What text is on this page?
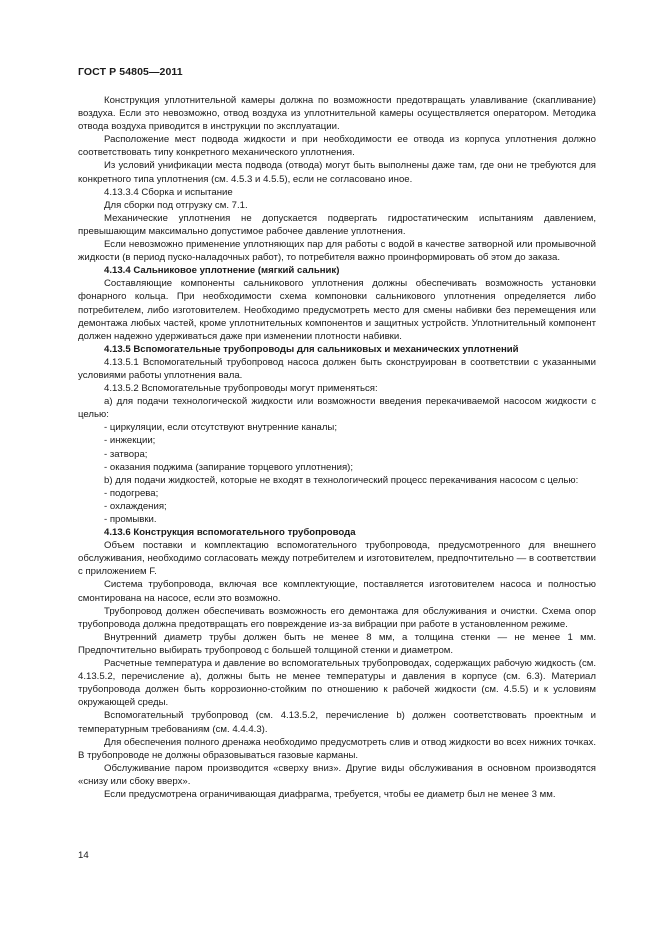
ГОСТ Р 54805—2011

Конструкция уплотнительной камеры должна по возможности предотвращать улавливание (скапливание) воздуха. Если это невозможно, отвод воздуха из уплотнительной камеры осуществляется оператором. Методика отвода воздуха приводится в инструкции по эксплуатации.

Расположение мест подвода жидкости и при необходимости ее отвода из корпуса уплотнения должно соответствовать типу конкретного механического уплотнения.

Из условий унификации места подвода (отвода) могут быть выполнены даже там, где они не требуются для конкретного типа уплотнения (см. 4.5.3 и 4.5.5), если не согласовано иное.

4.13.3.4 Сборка и испытание

Для сборки под отгрузку см. 7.1.

Механические уплотнения не допускается подвергать гидростатическим испытаниям давлением, превышающим максимально допустимое рабочее давление уплотнения.

Если невозможно применение уплотняющих пар для работы с водой в качестве затворной или промывочной жидкости (в период пуско-наладочных работ), то потребителя важно проинформировать об этом до заказа.

4.13.4 Сальниковое уплотнение (мягкий сальник)

Составляющие компоненты сальникового уплотнения должны обеспечивать возможность установки фонарного кольца. При необходимости схема компоновки сальникового уплотнения определяется либо потребителем, либо изготовителем. Необходимо предусмотреть место для смены набивки без перемещения или демонтажа любых частей, кроме уплотнительных компонентов и защитных устройств. Уплотнительный компонент должен надежно удерживаться даже при изменении плотности набивки.

4.13.5 Вспомогательные трубопроводы для сальниковых и механических уплотнений

4.13.5.1 Вспомогательный трубопровод насоса должен быть сконструирован в соответствии с указанными условиями работы уплотнения вала.

4.13.5.2 Вспомогательные трубопроводы могут применяться:

a) для подачи технологической жидкости или возможности введения перекачиваемой насосом жидкости с целью:

- циркуляции, если отсутствуют внутренние каналы;

- инжекции;

- затвора;

- оказания поджима (запирание торцевого уплотнения);

b) для подачи жидкостей, которые не входят в технологический процесс перекачивания насосом с целью:

- подогрева;

- охлаждения;

- промывки.

4.13.6 Конструкция вспомогательного трубопровода

Объем поставки и комплектацию вспомогательного трубопровода, предусмотренного для внешнего обслуживания, необходимо согласовать между потребителем и изготовителем, предпочтительно — в соответствии с приложением F.

Система трубопровода, включая все комплектующие, поставляется изготовителем насоса и полностью смонтирована на насосе, если это возможно.

Трубопровод должен обеспечивать возможность его демонтажа для обслуживания и очистки. Схема опор трубопровода должна предотвращать его повреждение из-за вибрации при работе в установленном режиме.

Внутренний диаметр трубы должен быть не менее 8 мм, а толщина стенки — не менее 1 мм. Предпочтительно выбирать трубопровод с большей толщиной стенки и диаметром.

Расчетные температура и давление во вспомогательных трубопроводах, содержащих рабочую жидкость (см. 4.13.5.2, перечисление a), должны быть не менее температуры и давления в корпусе (см. 6.3). Материал трубопровода должен быть коррозионно-стойким по отношению к рабочей жидкости (см. 4.5.5) и к условиям окружающей среды.

Вспомогательный трубопровод (см. 4.13.5.2, перечисление b) должен соответствовать проектным и температурным требованиям (см. 4.4.4.3).

Для обеспечения полного дренажа необходимо предусмотреть слив и отвод жидкости во всех нижних точках. В трубопроводе не должны образовываться газовые карманы.

Обслуживание паром производится «сверху вниз». Другие виды обслуживания в основном производятся «снизу или сбоку вверх».

Если предусмотрена ограничивающая диафрагма, требуется, чтобы ее диаметр был не менее 3 мм.

14
